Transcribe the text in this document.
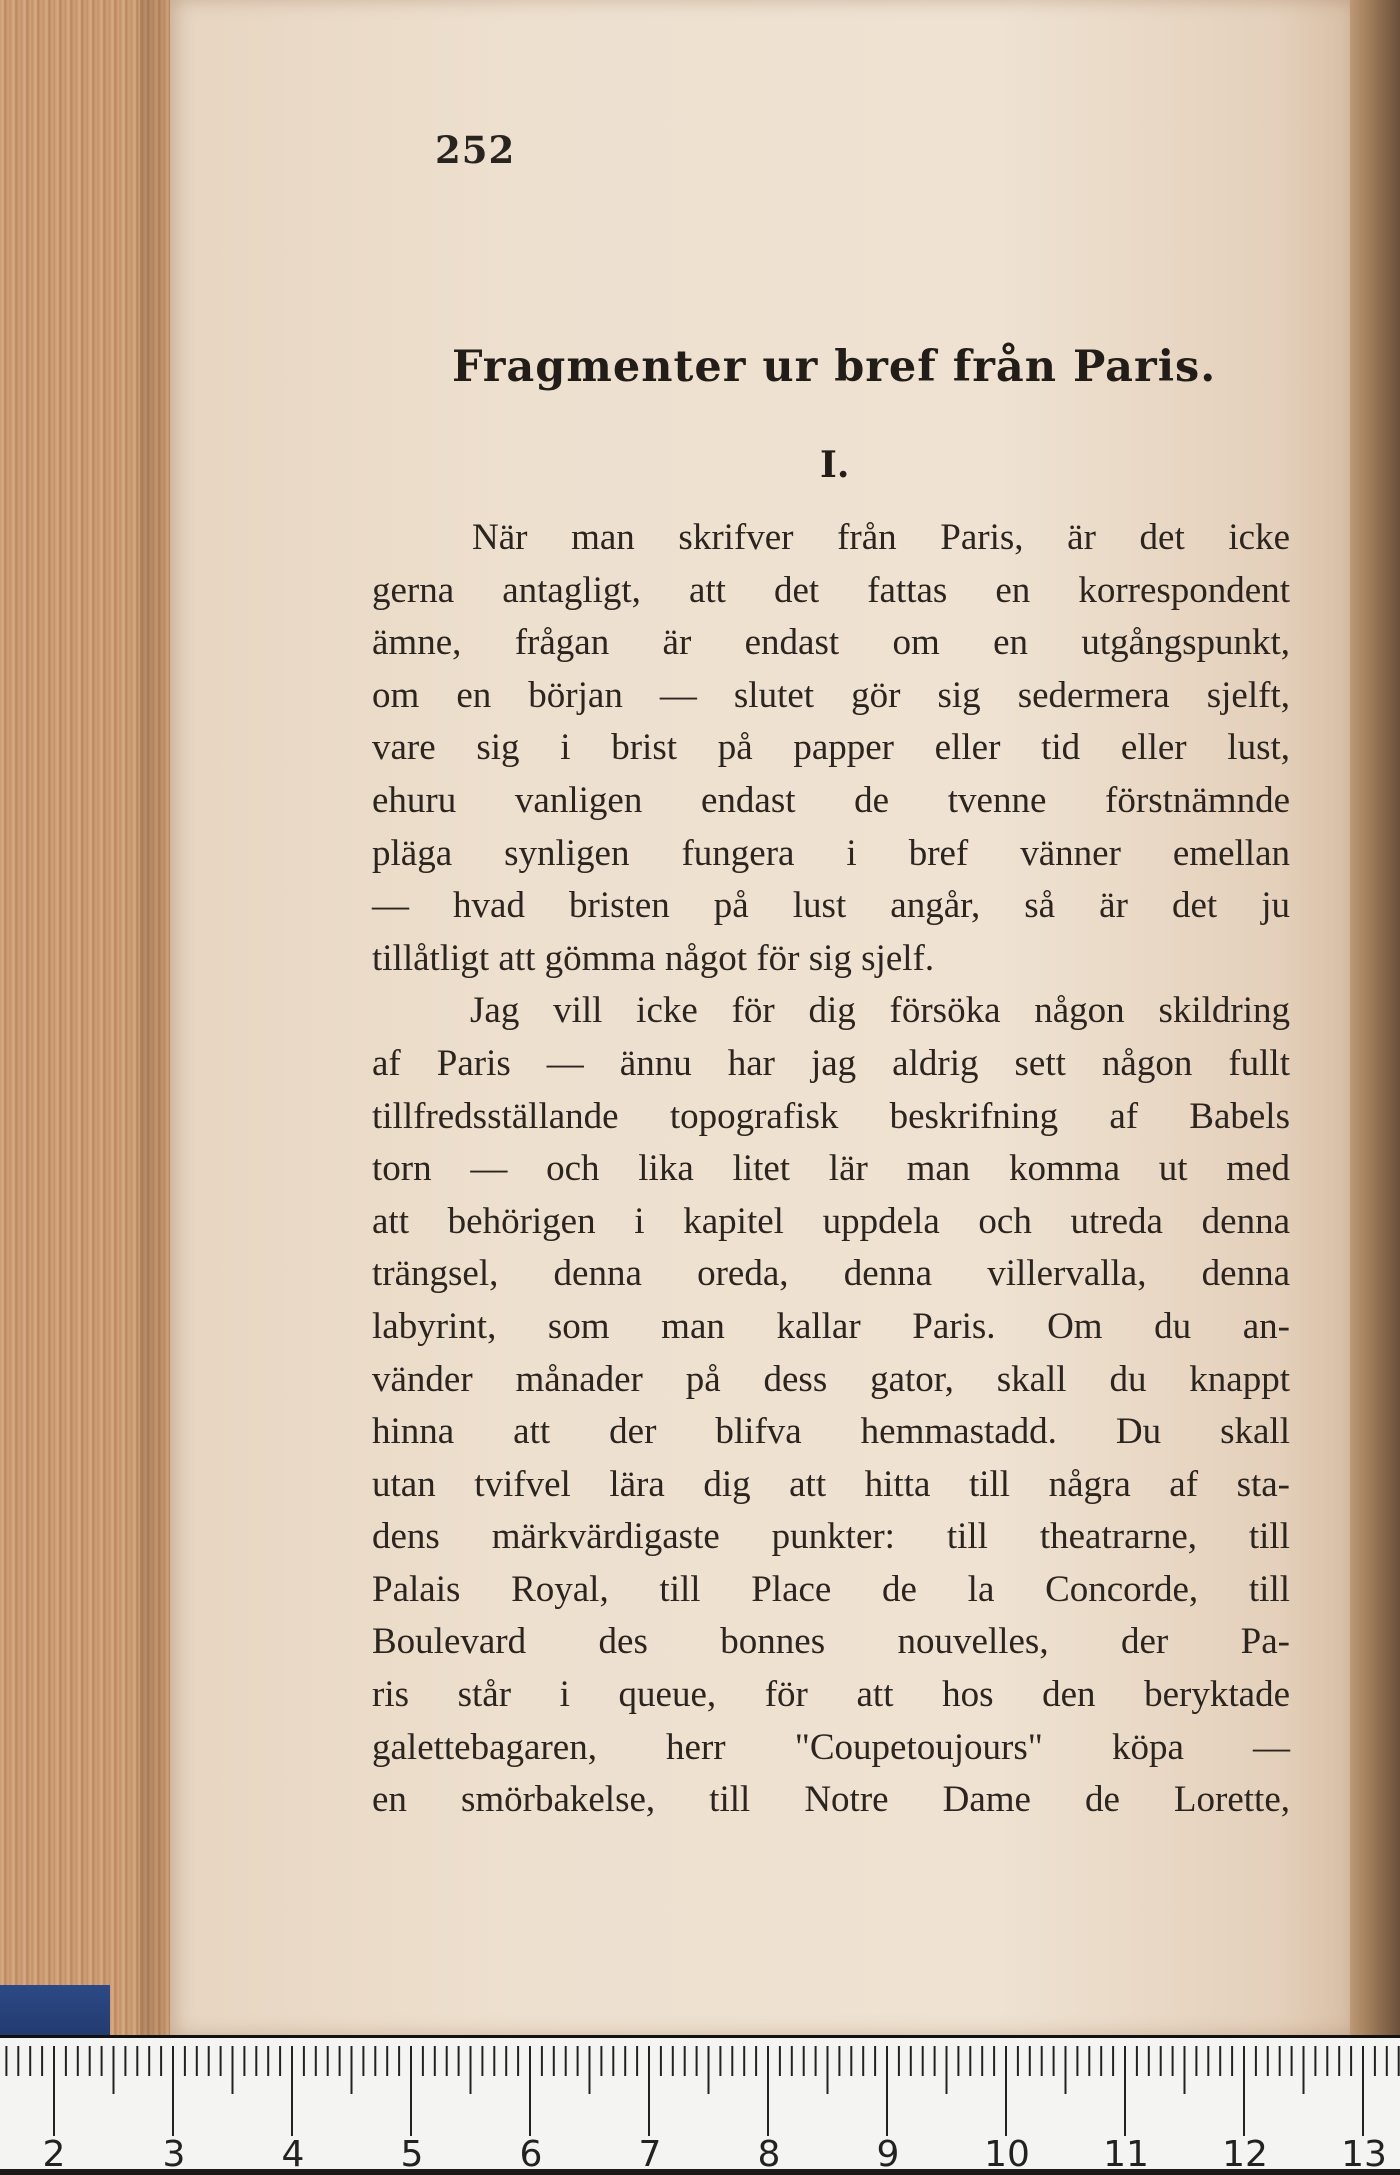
252
Fragmenter ur bref från Paris.
I.
När man skrifver från Paris, är det icke
gerna antagligt, att det fattas en korrespondent
ämne, frågan är endast om en utgångspunkt,
om en början — slutet gör sig sedermera sjelft,
vare sig i brist på papper eller tid eller lust,
ehuru vanligen endast de tvenne förstnämnde
pläga synligen fungera i bref vänner emellan
— hvad bristen på lust angår, så är det ju
tillåtligt att gömma något för sig sjelf.
Jag vill icke för dig försöka någon skildring
af Paris — ännu har jag aldrig sett någon fullt
tillfredsställande topografisk beskrifning af Babels
torn — och lika litet lär man komma ut med
att behörigen i kapitel uppdela och utreda denna
trängsel, denna oreda, denna villervalla, denna
labyrint, som man kallar Paris. Om du an-
vänder månader på dess gator, skall du knappt
hinna att der blifva hemmastadd. Du skall
utan tvifvel lära dig att hitta till några af sta-
dens märkvärdigaste punkter: till theatrarne, till
Palais Royal, till Place de la Concorde, till
Boulevard des bonnes nouvelles, der Pa-
ris står i queue, för att hos den beryktade
galettebagaren, herr "Coupetoujours" köpa —
en smörbakelse, till Notre Dame de Lorette,
2	3	4	5	6	7	8	9 10 11 12 13
